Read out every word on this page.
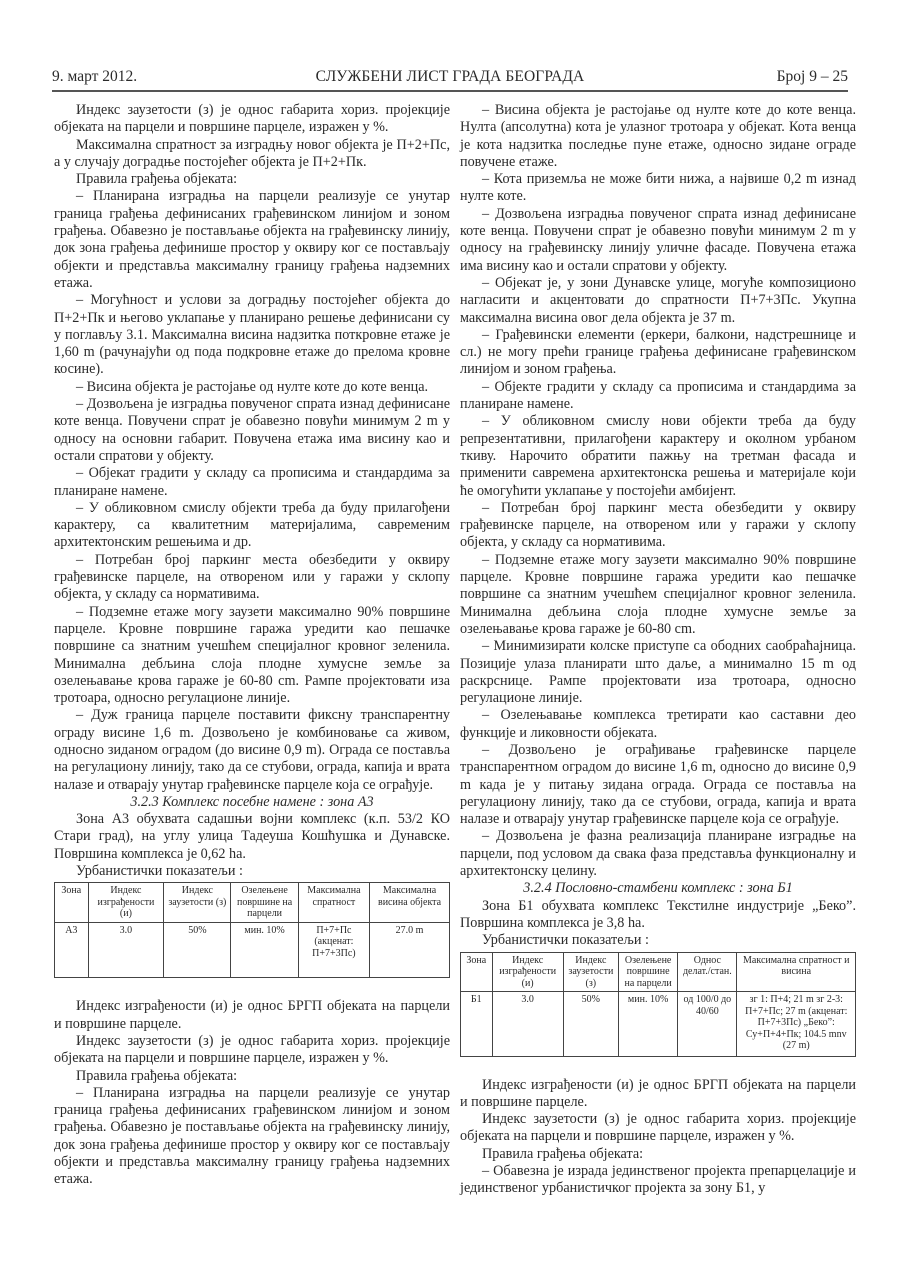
9. март 2012.	СЛУЖБЕНИ ЛИСТ ГРАДА БЕОГРАДА	Број 9 – 25

Индекс заузетости (з) је однос габарита хориз. пројекције објеката на парцели и површине парцеле, изражен у %.

Максимална спратност за изградњу новог објекта је П+2+Пс, а у случају доградње постојећег објекта је П+2+Пк.

Правила грађења објеката:

– Планирана изградња на парцели реализује се унутар граница грађења дефинисаних грађевинском линијом и зоном грађења. Обавезно је постављање објекта на грађевинску линију, док зона грађења дефинише простор у оквиру ког се постављају објекти и представља максималну границу грађења надземних етажа.

– Могућност и услови за доградњу постојећег објекта до П+2+Пк и његово уклапање у планирано решење дефинисани су у поглављу 3.1. Максимална висина надзитка поткровне етаже је 1,60 m (рачунајући од пода подкровне етаже до прелома кровне косине).

– Висина објекта је растојање од нулте коте до коте венца.

– Дозвољена је изградња повученог спрата изнад дефинисане коте венца. Повучени спрат је обавезно повући минимум 2 m у односу на основни габарит. Повучена етажа има висину као и остали спратови у објекту.

– Објекат градити у складу са прописима и стандардима за планиране намене.

– У обликовном смислу објекти треба да буду прилагођени карактеру, са квалитетним материјалима, савременим архитектонским решењима и др.

– Потребан број паркинг места обезбедити у оквиру грађевинске парцеле, на отвореном или у гаражи у склопу објекта, у складу са нормативима.

– Подземне етаже могу заузети максимално 90% површине парцеле. Кровне површине гаража уредити као пешачке површине са знатним учешћем специјалног кровног зеленила. Минимална дебљина слоја плодне хумусне земље за озелењавање крова гараже је 60-80 cm. Рампе пројектовати иза тротоара, односно регулационе линије.

– Дуж граница парцеле поставити фиксну транспарентну ограду висине 1,6 m. Дозвољено је комбиновање са живом, односно зиданом оградом (до висине 0,9 m). Ограда се поставља на регулациону линију, тако да се стубови, ограда, капија и врата налазе и отварају унутар грађевинске парцеле која се ограђује.

3.2.3 Комплекс посебне намене : зона А3

Зона А3 обухвата садашњи војни комплекс (к.п. 53/2 КО Стари град), на углу улица Тадеуша Кошћушка и Дунавске. Површина комплекса је 0,62 ha.

Урбанистички показатељи :

Зона	Индекс изграђености (и)	Индекс заузетости (з)	Озелењене површине на парцели	Максимална спратност	Максимална висина објекта
А3	3.0	50%	мин. 10%	П+7+Пс (акценат: П+7+3Пс)	27.0 m

Индекс изграђености (и) је однос БРГП објеката на парцели и површине парцеле.

Индекс заузетости (з) је однос габарита хориз. пројекције објеката на парцели и површине парцеле, изражен у %.

Правила грађења објеката:

– Планирана изградња на парцели реализује се унутар граница грађења дефинисаних грађевинском линијом и зоном грађења. Обавезно је постављање објекта на грађевинску линију, док зона грађења дефинише простор у оквиру ког се постављају објекти и представља максималну границу грађења надземних етажа.

– Висина објекта је растојање од нулте коте до коте венца. Нулта (апсолутна) кота је улазног тротоара у објекат. Кота венца је кота надзитка последње пуне етаже, односно зидане ограде повучене етаже.

– Кота приземља не може бити нижа, а највише 0,2 m изнад нулте коте.

– Дозвољена изградња повученог спрата изнад дефинисане коте венца. Повучени спрат је обавезно повући минимум 2 m у односу на грађевинску линију уличне фасаде. Повучена етажа има висину као и остали спратови у објекту.

– Објекат је, у зони Дунавске улице, могуће композиционо нагласити и акцентовати до спратности П+7+3Пс. Укупна максимална висина овог дела објекта је 37 m.

– Грађевински елементи (еркери, балкони, надстрешнице и сл.) не могу прећи границе грађења дефинисане грађевинском линијом и зоном грађења.

– Објекте градити у складу са прописима и стандардима за планиране намене.

– У обликовном смислу нови објекти треба да буду репрезентативни, прилагођени карактеру и околном урбаном ткиву. Нарочито обратити пажњу на третман фасада и применити савремена архитектонска решења и материјале који ће омогућити уклапање у постојећи амбијент.

– Потребан број паркинг места обезбедити у оквиру грађевинске парцеле, на отвореном или у гаражи у склопу објекта, у складу са нормативима.

– Подземне етаже могу заузети максимално 90% површине парцеле. Кровне површине гаража уредити као пешачке површине са знатним учешћем специјалног кровног зеленила. Минимална дебљина слоја плодне хумусне земље за озелењавање крова гараже је 60-80 cm.

– Минимизирати колске приступе са ободних саобраћајница. Позиције улаза планирати што даље, а минимално 15 m од раскрснице. Рампе пројектовати иза тротоара, односно регулационе линије.

– Озелењавање комплекса третирати као саставни део функције и ликовности објеката.

– Дозвољено је ограђивање грађевинске парцеле транспарентном оградом до висине 1,6 m, односно до висине 0,9 m када је у питању зидана ограда. Ограда се поставља на регулациону линију, тако да се стубови, ограда, капија и врата налазе и отварају унутар грађевинске парцеле која се ограђује.

– Дозвољена је фазна реализација планиране изградње на парцели, под условом да свака фаза представља функционалну и архитектонску целину.

3.2.4 Пословно-стамбени комплекс : зона Б1

Зона Б1 обухвата комплекс Текстилне индустрије „Беко”. Површина комплекса је 3,8 ha.

Урбанистички показатељи :

Зона	Индекс изграђености (и)	Индекс заузетости (з)	Озелењене површине на парцели	Однос делат./стан.	Максимална спратност и висина
Б1	3.0	50%	мин. 10%	од 100/0 до 40/60	зг 1: П+4; 21 m зг 2-3: П+7+Пс; 27 m (акценат: П+7+3Пс) „Беко”: Су+П+4+Пк; 104.5 mnv (27 m)

Индекс изграђености (и) је однос БРГП објеката на парцели и површине парцеле.

Индекс заузетости (з) је однос габарита хориз. пројекције објеката на парцели и површине парцеле, изражен у %.

Правила грађења објеката:

– Обавезна је израда јединственог пројекта препарцелације и јединственог урбанистичког пројекта за зону Б1, у
